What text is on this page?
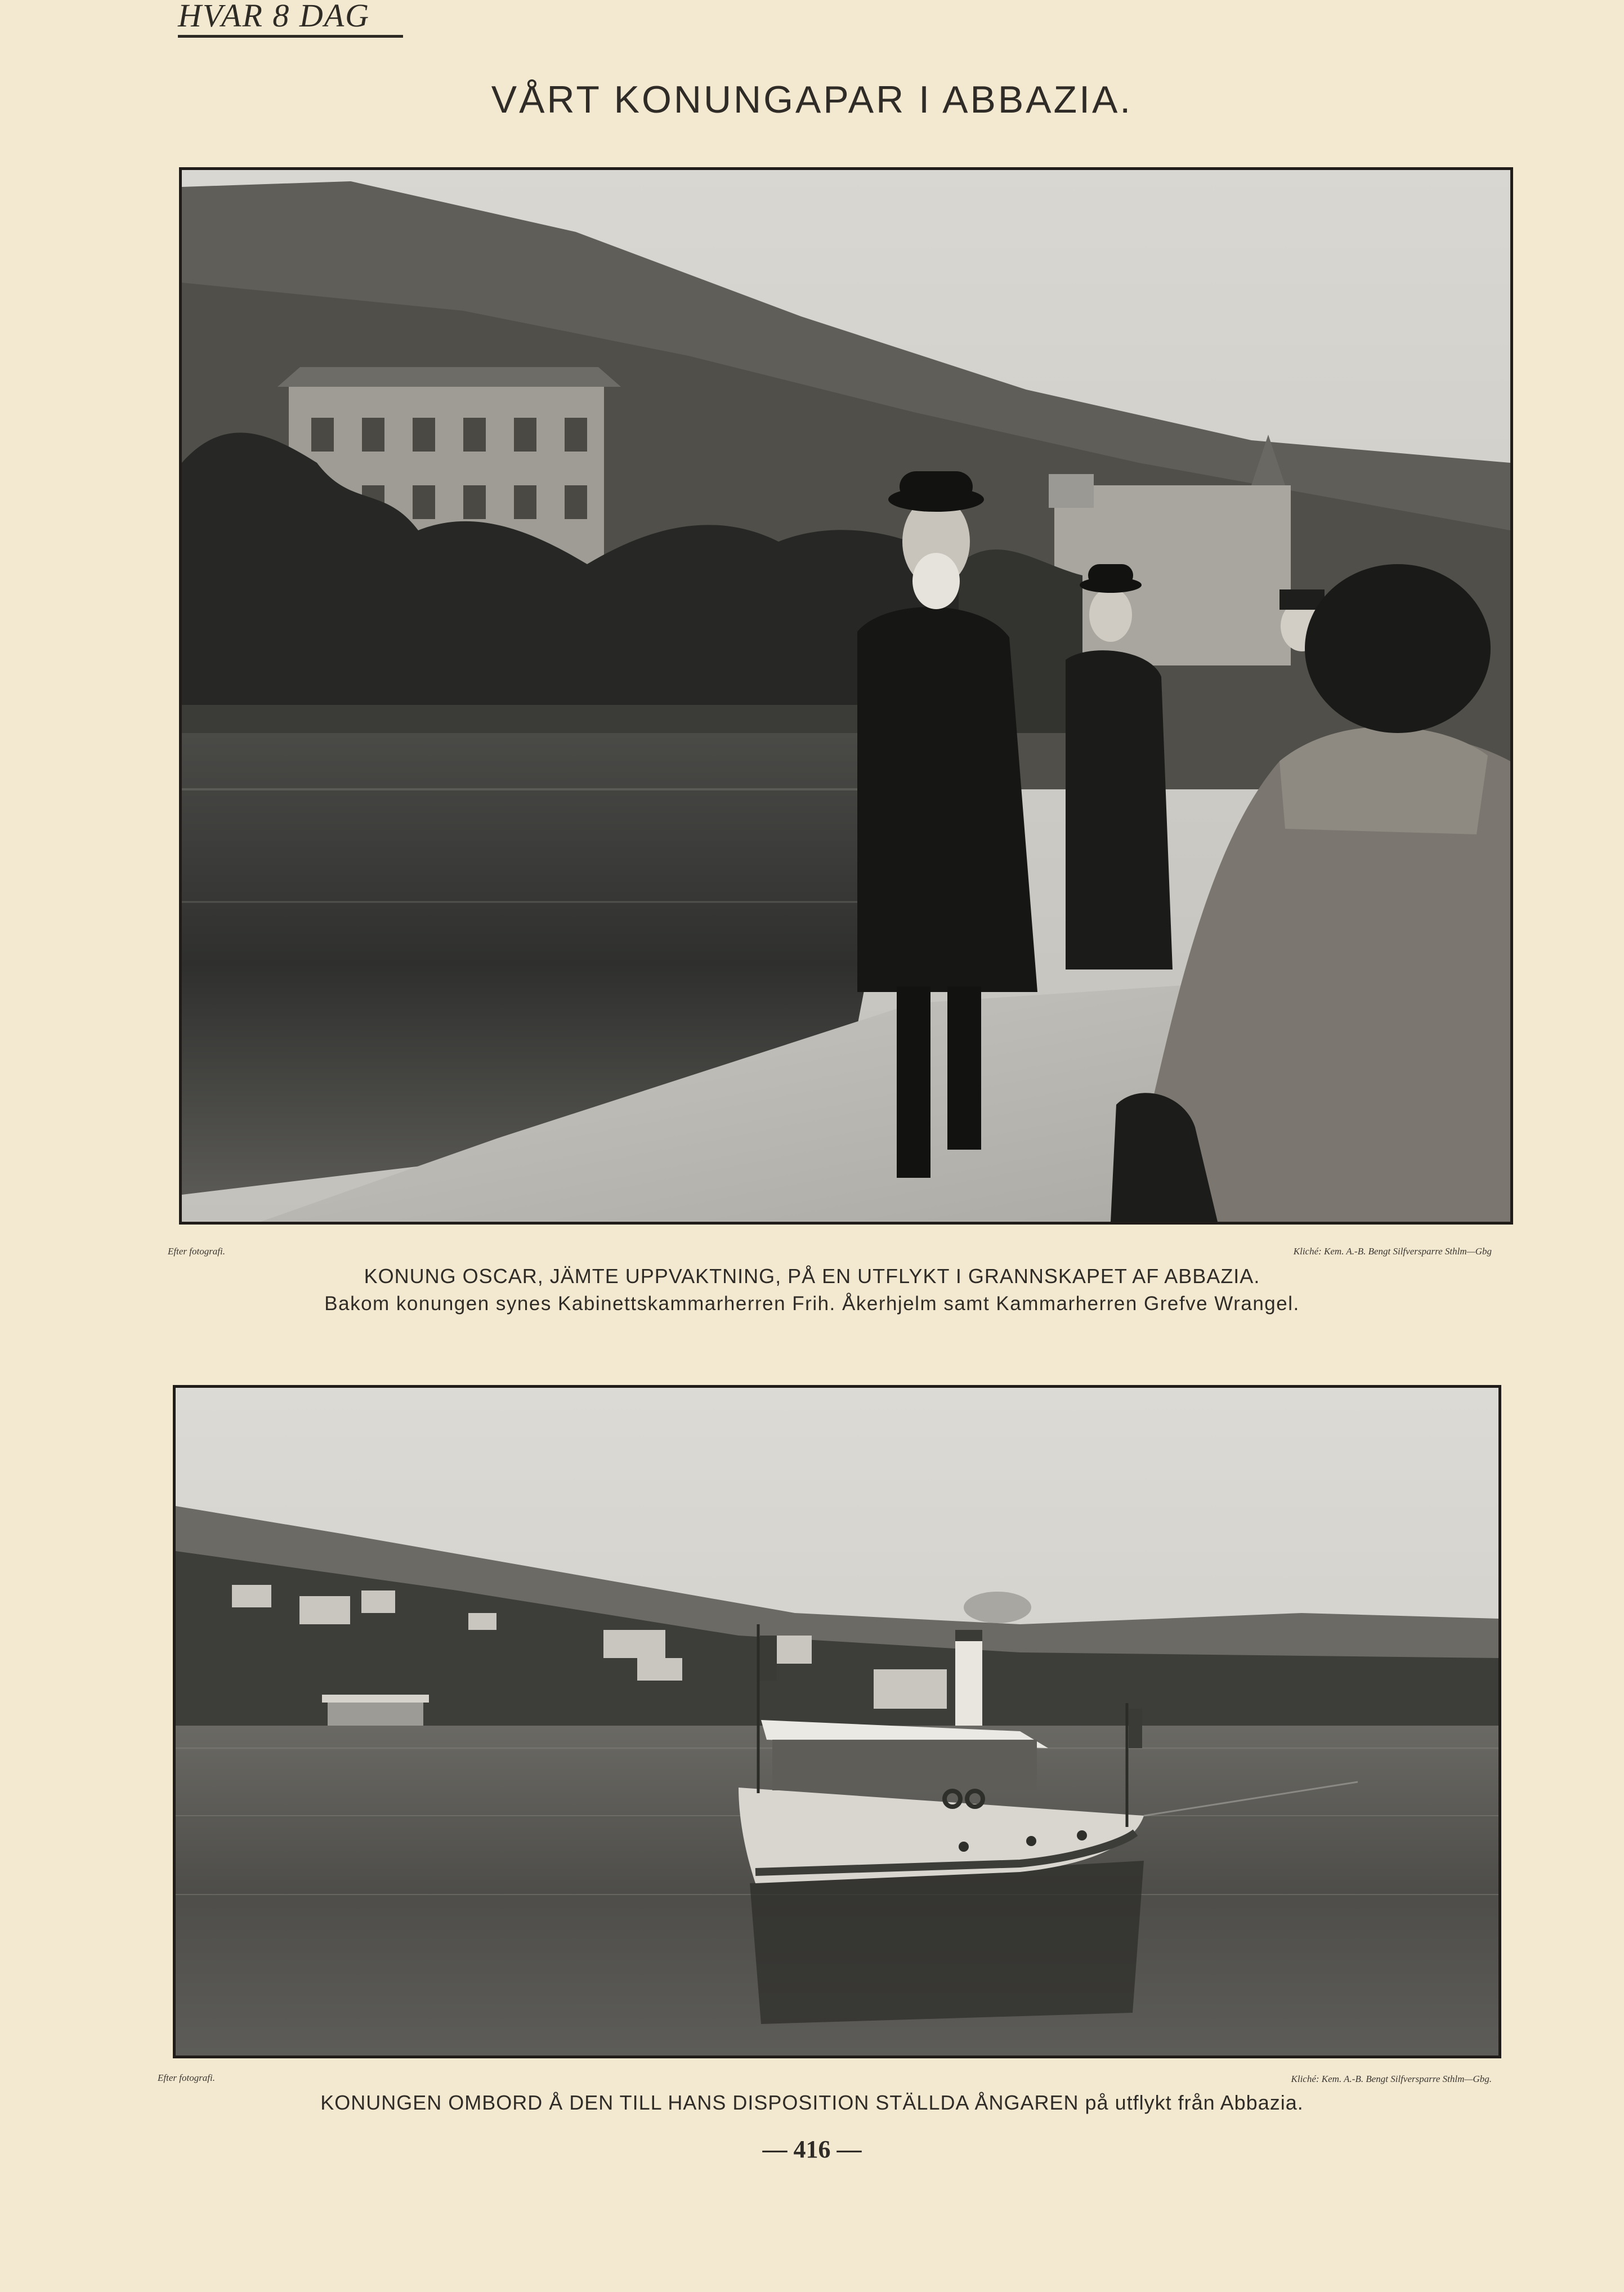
HVAR 8 DAG
VÅRT KONUNGAPAR I ABBAZIA.
Efter fotografi.	Kliché: Kem. A.-B. Bengt Silfversparre Sthlm—Gbg
KONUNG OSCAR, JÄMTE UPPVAKTNING, PÅ EN UTFLYKT I GRANNSKAPET AF ABBAZIA.
Bakom konungen synes Kabinettskammarherren Frih. Åkerhjelm samt Kammarherren Grefve Wrangel.
Efter fotografi.	Kliché: Kem. A.-B. Bengt Silfversparre Sthlm—Gbg.
KONUNGEN OMBORD Å DEN TILL HANS DISPOSITION STÄLLDA ÅNGAREN på utflykt från Abbazia.
— 416 —
